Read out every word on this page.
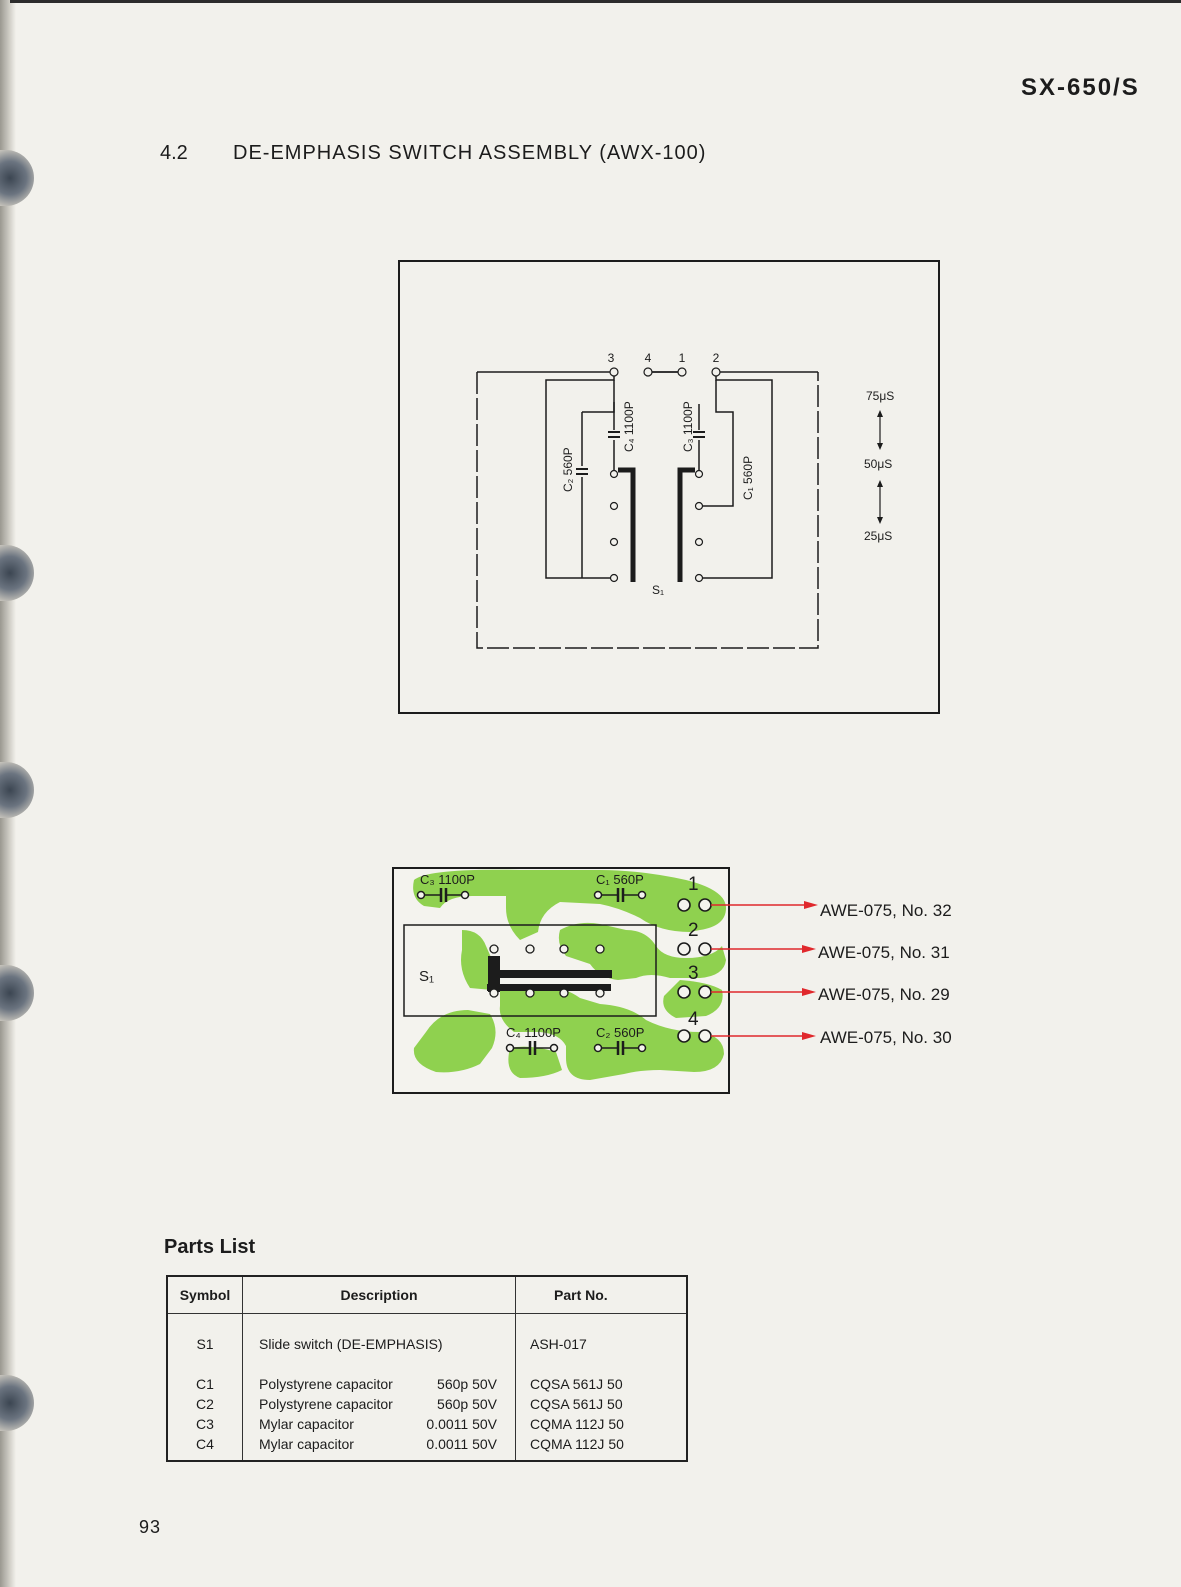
SX-650/S
4.2 DE-EMPHASIS SWITCH ASSEMBLY (AWX-100)
3	4 1 2
C₂ 560P
C₄ 1100P	C₃ 1100P
C₁ 560P
S₁
75μS
50μS
25μS
C₃ 1100P	C₁ 560P
C₄ 1100P	C₂ 560P
S₁
1
2
3
4
AWE-075, No. 32
AWE-075, No. 31
AWE-075, No. 29
AWE-075, No. 30
Parts List
Symbol	Description	Part No.

S1	Slide switch (DE-EMPHASIS)	ASH-017

C1	Polystyrene capacitor 560p 50V	CQSA 561J 50
C2	Polystyrene capacitor 560p 50V	CQSA 561J 50
C3	Mylar capacitor 0.0011 50V	CQMA 112J 50
C4	Mylar capacitor 0.0011 50V	CQMA 112J 50

93
